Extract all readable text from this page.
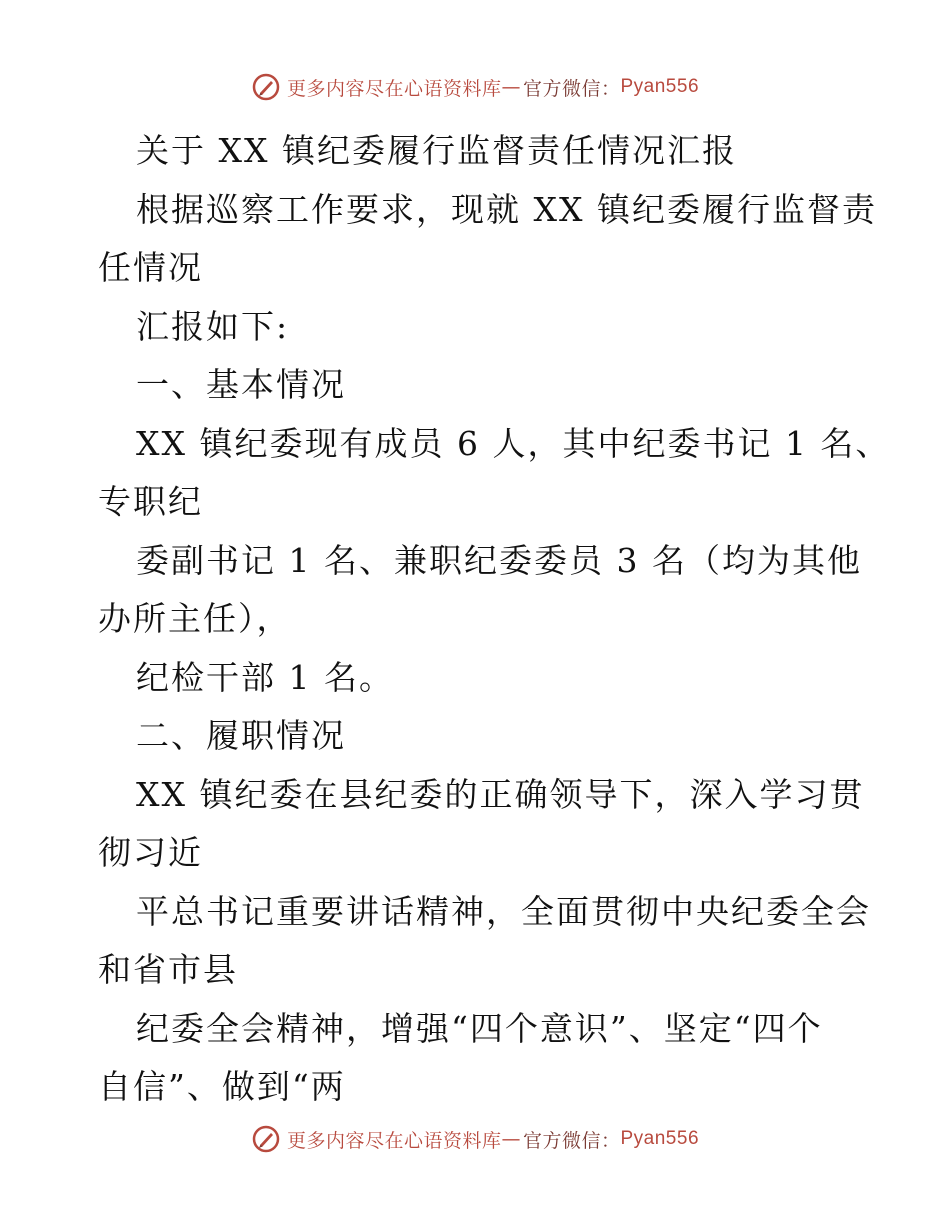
更多内容尽在心语资料库 — 官方微信： Pyan556
关于 XX 镇纪委履行监督责任情况汇报
根据巡察工作要求，现就 XX 镇纪委履行监督责
任情况
汇报如下:
一、基本情况
XX 镇纪委现有成员 6 人，其中纪委书记 1 名、
专职纪
委副书记 1 名、兼职纪委委员 3 名（均为其他
办所主任），
纪检干部 1 名。
二、履职情况
XX 镇纪委在县纪委的正确领导下，深入学习贯
彻习近
平总书记重要讲话精神，全面贯彻中央纪委全会
和省市县
纪委全会精神，增强“四个意识”、坚定“四个
自信”、做到“两
更多内容尽在心语资料库 — 官方微信： Pyan556
